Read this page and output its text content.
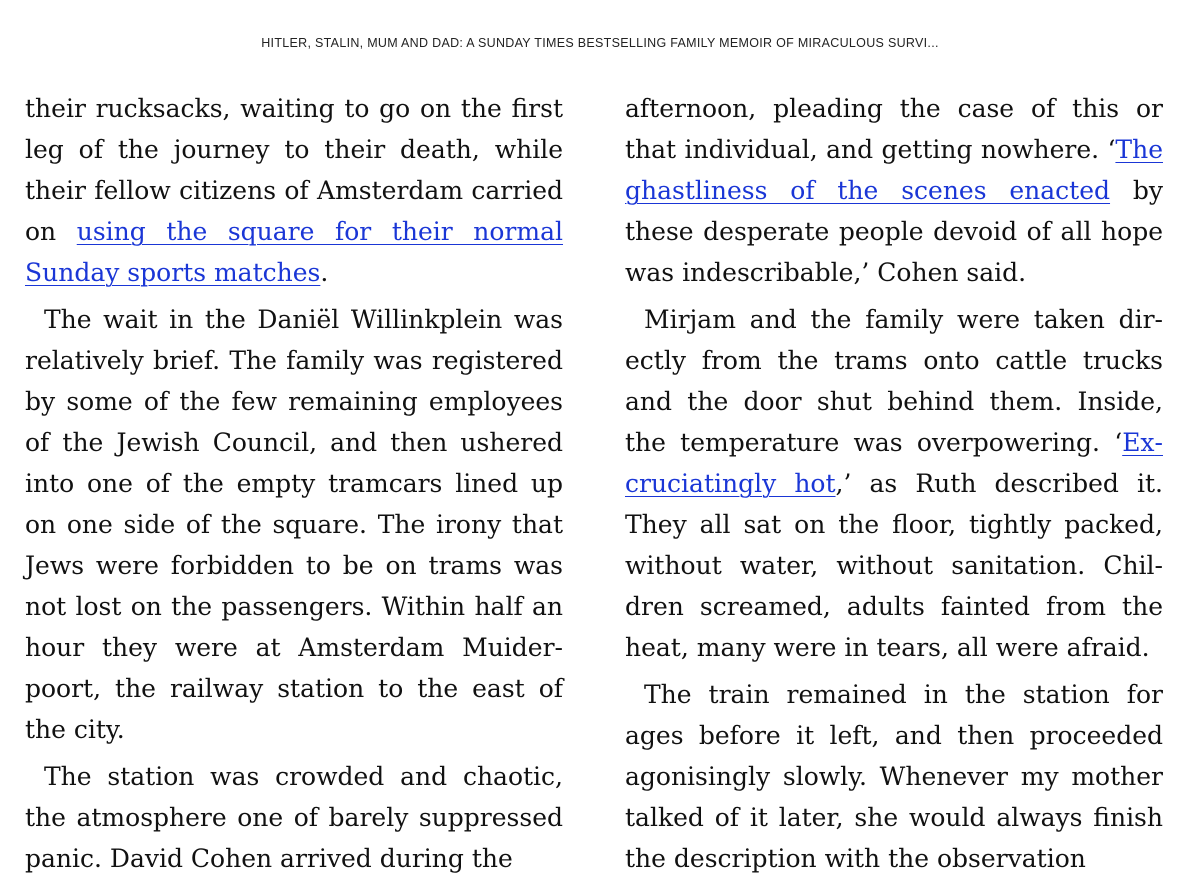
HITLER, STALIN, MUM AND DAD: A SUNDAY TIMES BESTSELLING FAMILY MEMOIR OF MIRACULOUS SURVI...

their rucksacks, waiting to go on the first leg of the journey to their death, while their fellow citizens of Amsterdam carried on using the square for their normal Sunday sports matches.

The wait in the Daniël Willinkplein was relatively brief. The family was registered by some of the few remaining employees of the Jewish Council, and then ushered into one of the empty tramcars lined up on one side of the square. The irony that Jews were forbidden to be on trams was not lost on the passengers. Within half an hour they were at Amsterdam Muiderpoort, the railway station to the east of the city.

The station was crowded and chaotic, the atmosphere one of barely suppressed panic. David Cohen arrived during the

afternoon, pleading the case of this or that individual, and getting nowhere. ‘The ghastliness of the scenes enacted by these desperate people devoid of all hope was indescribable,’ Cohen said.

Mirjam and the family were taken directly from the trams onto cattle trucks and the door shut behind them. Inside, the temperature was overpowering. ‘Excruciatingly hot,’ as Ruth described it. They all sat on the floor, tightly packed, without water, without sanitation. Children screamed, adults fainted from the heat, many were in tears, all were afraid.

The train remained in the station for ages before it left, and then proceeded agonisingly slowly. Whenever my mother talked of it later, she would always finish the description with the observation
